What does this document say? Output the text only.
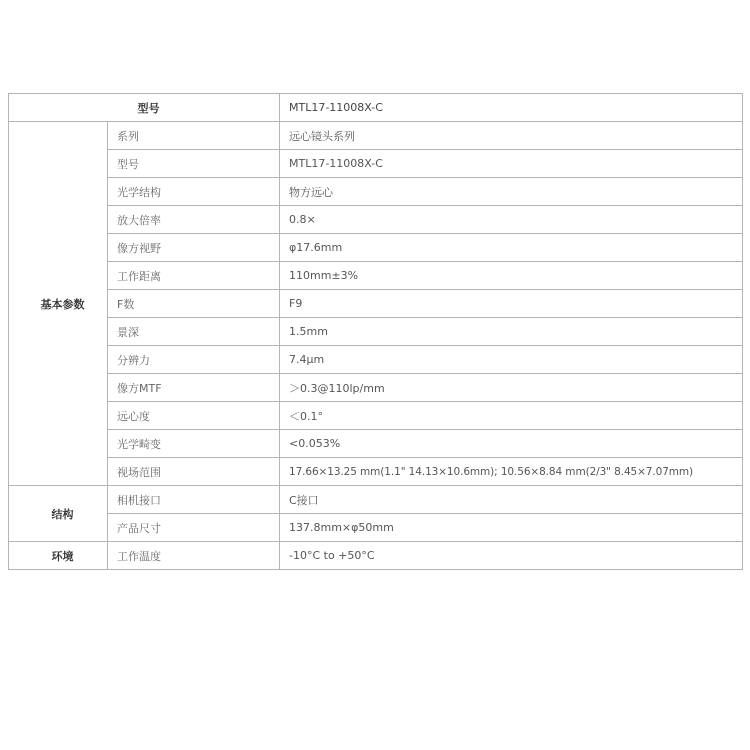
型号		MTL17-11008X-C
基本参数	系列	远心镜头系列
	型号	MTL17-11008X-C
	光学结构	物方远心
	放大倍率	0.8×
	像方视野	φ17.6mm
	工作距离	110mm±3%
	F数	F9
	景深	1.5mm
	分辨力	7.4μm
	像方MTF	＞0.3@110lp/mm
	远心度	＜0.1°
	光学畸变	<0.053%
	视场范围	17.66×13.25 mm(1.1" 14.13×10.6mm); 10.56×8.84 mm(2/3" 8.45×7.07mm)
结构	相机接口	C接口
	产品尺寸	137.8mm×φ50mm
环境	工作温度	-10°C to +50°C
